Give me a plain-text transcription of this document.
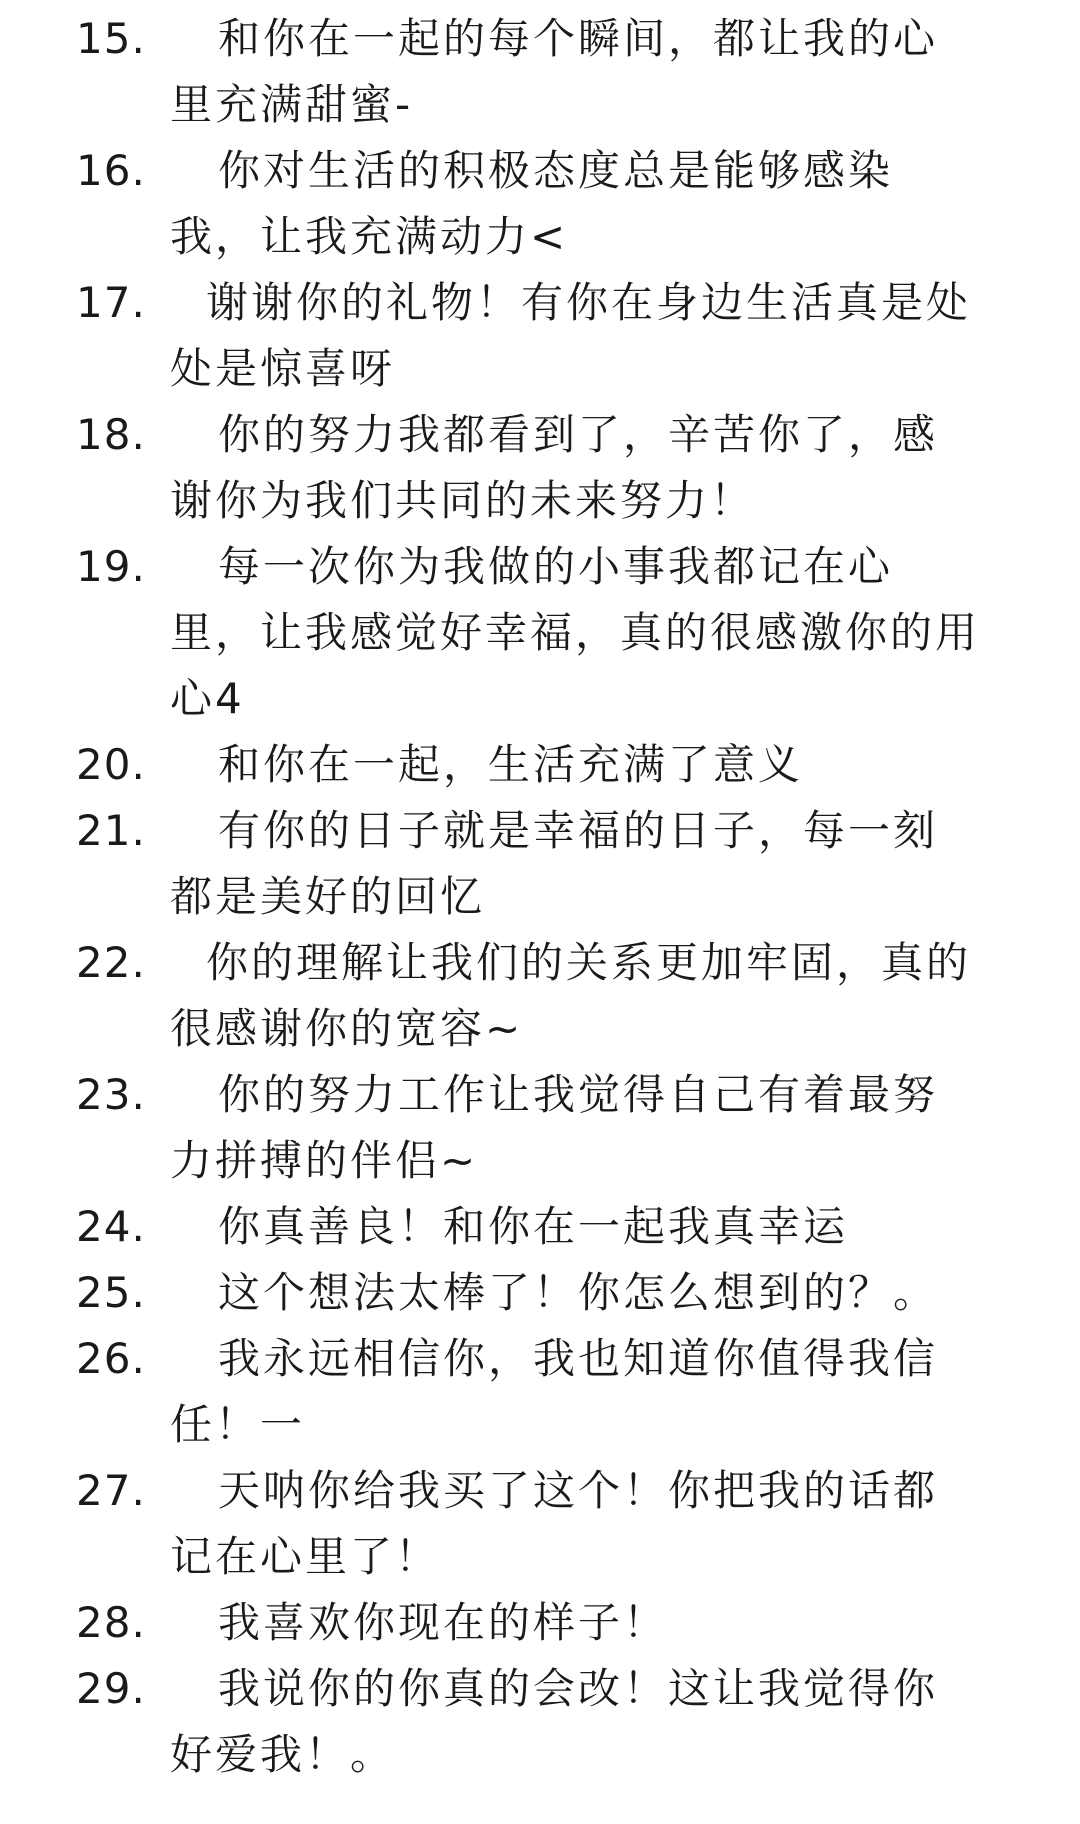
15.	和你在一起的每个瞬间，都让我的心里充满甜蜜-
16.	你对生活的积极态度总是能够感染我，让我充满动力<
17.	谢谢你的礼物！有你在身边生活真是处处是惊喜呀
18.	你的努力我都看到了，辛苦你了，感谢你为我们共同的未来努力！
19.	每一次你为我做的小事我都记在心里，让我感觉好幸福，真的很感激你的用心4
20.	和你在一起，生活充满了意义
21.	有你的日子就是幸福的日子，每一刻都是美好的回忆
22.	你的理解让我们的关系更加牢固，真的很感谢你的宽容~
23.	你的努力工作让我觉得自己有着最努力拼搏的伴侣~
24.	你真善良！和你在一起我真幸运
25.	这个想法太棒了！你怎么想到的？。
26.	我永远相信你，我也知道你值得我信任！一
27.	天呐你给我买了这个！你把我的话都记在心里了！
28.	我喜欢你现在的样子！
29.	我说你的你真的会改！这让我觉得你好爱我！。
